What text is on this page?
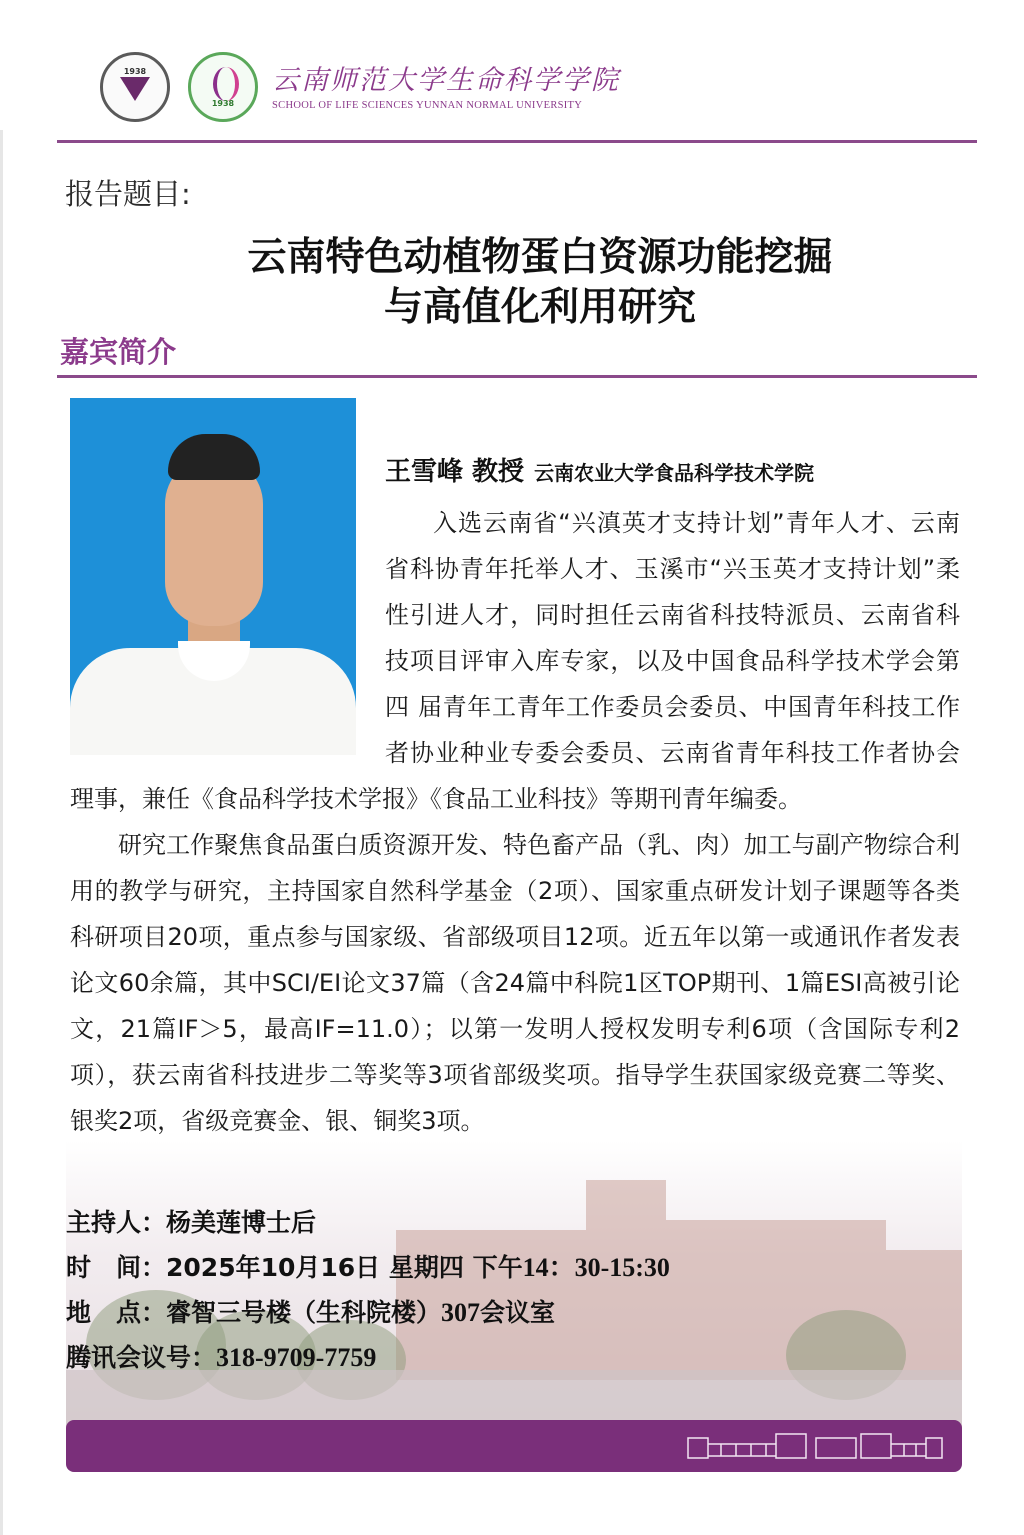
1938
1938
云南师范大学生命科学学院
SCHOOL OF LIFE SCIENCES YUNNAN NORMAL UNIVERSITY
报告题目:
云南特色动植物蛋白资源功能挖掘
与高值化利用研究
嘉宾简介
王雪峰 教授 云南农业大学食品科学技术学院

入选云南省“兴滇英才支持计划”青年人才、云南省科协青年托举人才、玉溪市“兴玉英才支持计划”柔性引进人才，同时担任云南省科技特派员、云南省科技项目评审入库专家，以及中国食品科学技术学会第四 届青年工青年工作委员会委员、中国青年科技工作者协业种业专委会委员、云南省青年科技工作者协会理事，兼任《食品科学技术学报》《食品工业科技》等期刊青年编委。

研究工作聚焦食品蛋白质资源开发、特色畜产品（乳、肉）加工与副产物综合利用的教学与研究，主持国家自然科学基金（2项）、国家重点研发计划子课题等各类科研项目20项，重点参与国家级、省部级项目12项。近五年以第一或通讯作者发表论文60余篇，其中SCI/EI论文37篇（含24篇中科院1区TOP期刊、1篇ESI高被引论文，21篇IF＞5，最高IF=11.0）；以第一发明人授权发明专利6项（含国际专利2项），获云南省科技进步二等奖等3项省部级奖项。指导学生获国家级竞赛二等奖、银奖2项，省级竞赛金、银、铜奖3项。

主持人：杨美莲博士后
时　间：2025年10月16日 星期四 下午14：30-15:30
地　点：睿智三号楼（生科院楼）307会议室
腾讯会议号：318-9709-7759
